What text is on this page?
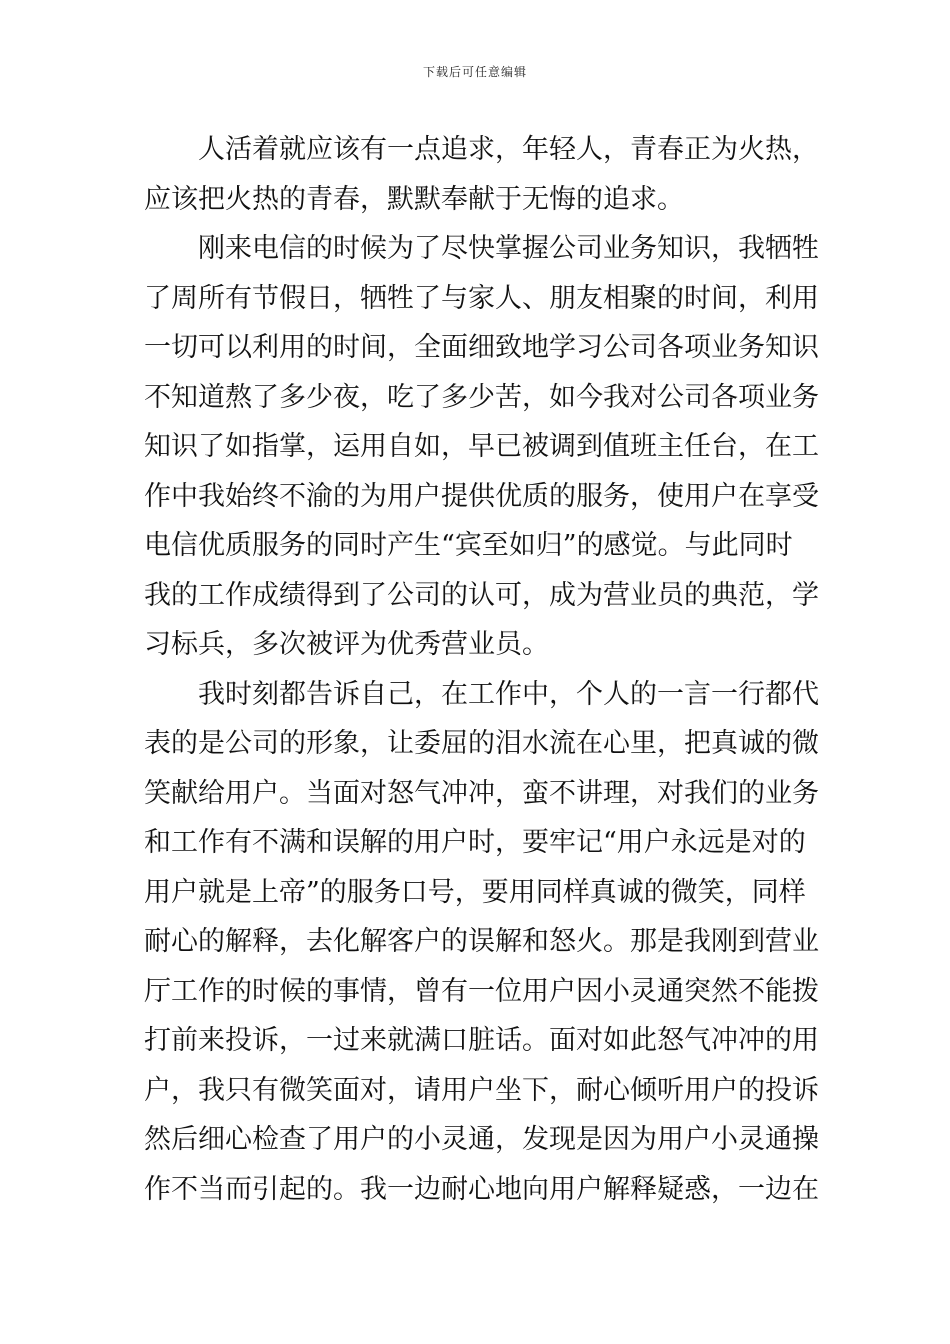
下载后可任意编辑
人活着就应该有一点追求，年轻人，青春正为火热，
应该把火热的青春，默默奉献于无悔的追求。
刚来电信的时候为了尽快掌握公司业务知识，我牺牲
了周所有节假日，牺牲了与家人、朋友相聚的时间，利用
一切可以利用的时间，全面细致地学习公司各项业务知识
不知道熬了多少夜，吃了多少苦，如今我对公司各项业务
知识了如指掌，运用自如，早已被调到值班主任台，在工
作中我始终不渝的为用户提供优质的服务，使用户在享受
电信优质服务的同时产生“宾至如归”的感觉。与此同时
我的工作成绩得到了公司的认可，成为营业员的典范，学
习标兵，多次被评为优秀营业员。
我时刻都告诉自己，在工作中，个人的一言一行都代
表的是公司的形象，让委屈的泪水流在心里，把真诚的微
笑献给用户。当面对怒气冲冲，蛮不讲理，对我们的业务
和工作有不满和误解的用户时，要牢记“用户永远是对的
用户就是上帝”的服务口号，要用同样真诚的微笑，同样
耐心的解释，去化解客户的误解和怒火。那是我刚到营业
厅工作的时候的事情，曾有一位用户因小灵通突然不能拨
打前来投诉，一过来就满口脏话。面对如此怒气冲冲的用
户，我只有微笑面对，请用户坐下，耐心倾听用户的投诉
然后细心检查了用户的小灵通，发现是因为用户小灵通操
作不当而引起的。我一边耐心地向用户解释疑惑，一边在
